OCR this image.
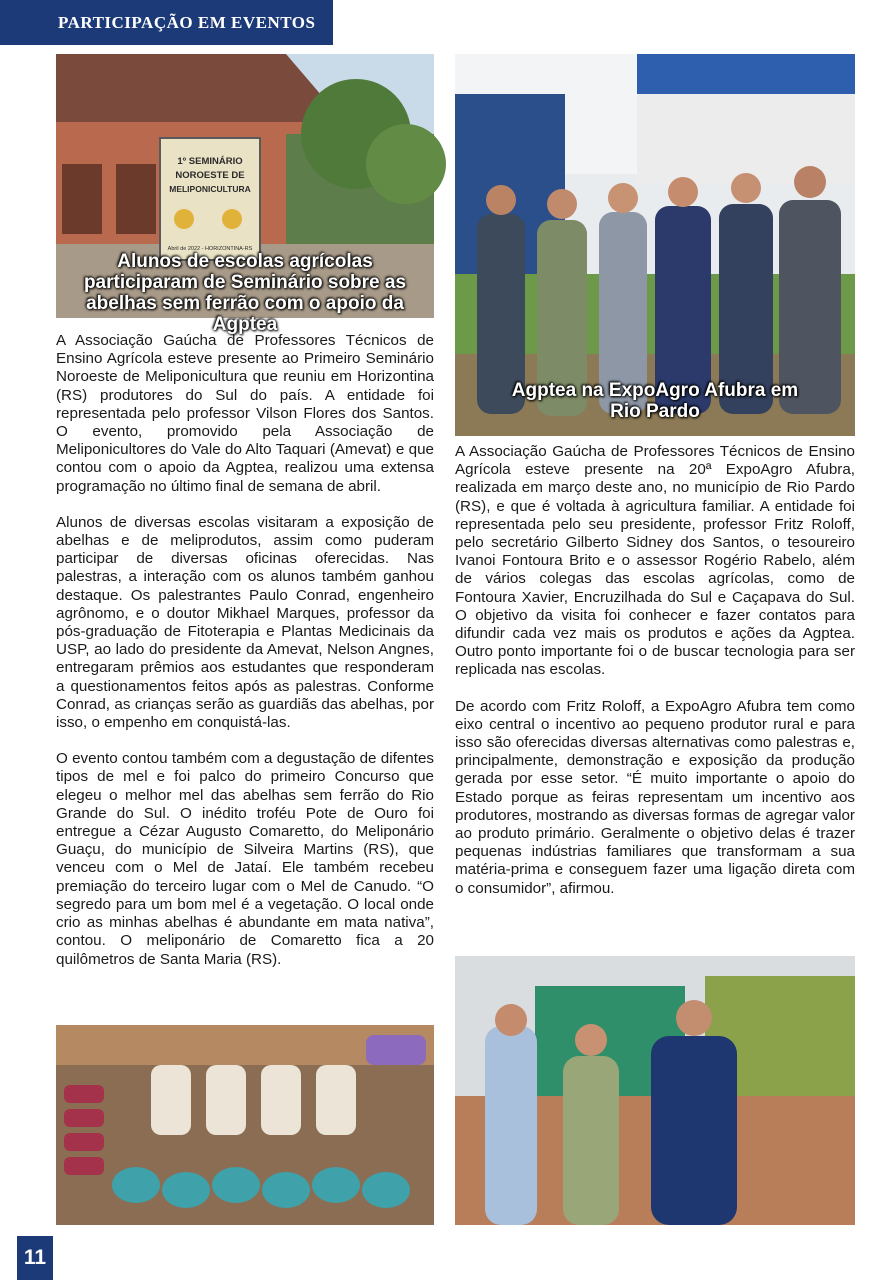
PARTICIPAÇÃO EM EVENTOS
1º SEMINÁRIO
NOROESTE DE
MELIPONICULTURA
Abril de 2022 - HORIZONTINA-RS
Alunos de escolas agrícolas participaram de Seminário sobre as abelhas sem ferrão com o apoio da Agptea
Agptea na ExpoAgro Afubra em Rio Pardo

A Associação Gaúcha de Professores Técnicos de Ensino Agrícola esteve presente ao Primeiro Seminário Noroeste de Meliponicultura que reuniu em Horizontina (RS) produtores do Sul do país. A entidade foi representada pelo professor Vilson Flores dos Santos. O evento, promovido pela Associação de Meliponicultores do Vale do Alto Taquari (Amevat) e que contou com o apoio da Agptea, realizou uma extensa programação no último final de semana de abril.

Alunos de diversas escolas visitaram a exposição de abelhas e de meliprodutos, assim como puderam participar de diversas oficinas oferecidas. Nas palestras, a interação com os alunos também ganhou destaque. Os palestrantes Paulo Conrad, engenheiro agrônomo, e o doutor Mikhael Marques, professor da pós-graduação de Fitoterapia e Plantas Medicinais da USP, ao lado do presidente da Amevat, Nelson Angnes, entregaram prêmios aos estudantes que responderam a questionamentos feitos após as palestras. Conforme Conrad, as crianças serão as guardiãs das abelhas, por isso, o empenho em conquistá-las.

O evento contou também com a degustação de difentes tipos de mel e foi palco do primeiro Concurso que elegeu o melhor mel das abelhas sem ferrão do Rio Grande do Sul. O inédito troféu Pote de Ouro foi entregue a Cézar Augusto Comaretto, do Meliponário Guaçu, do município de Silveira Martins (RS), que venceu com o Mel de Jataí. Ele também recebeu premiação do terceiro lugar com o Mel de Canudo. “O segredo para um bom mel é a vegetação. O local onde crio as minhas abelhas é abundante em mata nativa”, contou. O meliponário de Comaretto fica a 20 quilômetros de Santa Maria (RS).

A Associação Gaúcha de Professores Técnicos de Ensino Agrícola esteve presente na 20ª ExpoAgro Afubra, realizada em março deste ano, no município de Rio Pardo (RS), e que é voltada à agricultura familiar. A entidade foi representada pelo seu presidente, professor Fritz Roloff, pelo secretário Gilberto Sidney dos Santos, o tesoureiro Ivanoi Fontoura Brito e o assessor Rogério Rabelo, além de vários colegas das escolas agrícolas, como de Fontoura Xavier, Encruzilhada do Sul e Caçapava do Sul. O objetivo da visita foi conhecer e fazer contatos para difundir cada vez mais os produtos e ações da Agptea. Outro ponto importante foi o de buscar tecnologia para ser replicada nas escolas.

De acordo com Fritz Roloff, a ExpoAgro Afubra tem como eixo central o incentivo ao pequeno produtor rural e para isso são oferecidas diversas alternativas como palestras e, principalmente, demonstração e exposição da produção gerada por esse setor. “É muito importante o apoio do Estado porque as feiras representam um incentivo aos produtores, mostrando as diversas formas de agregar valor ao produto primário. Geralmente o objetivo delas é trazer pequenas indústrias familiares que transformam a sua matéria-prima e conseguem fazer uma ligação direta com o consumidor”, afirmou.

11
